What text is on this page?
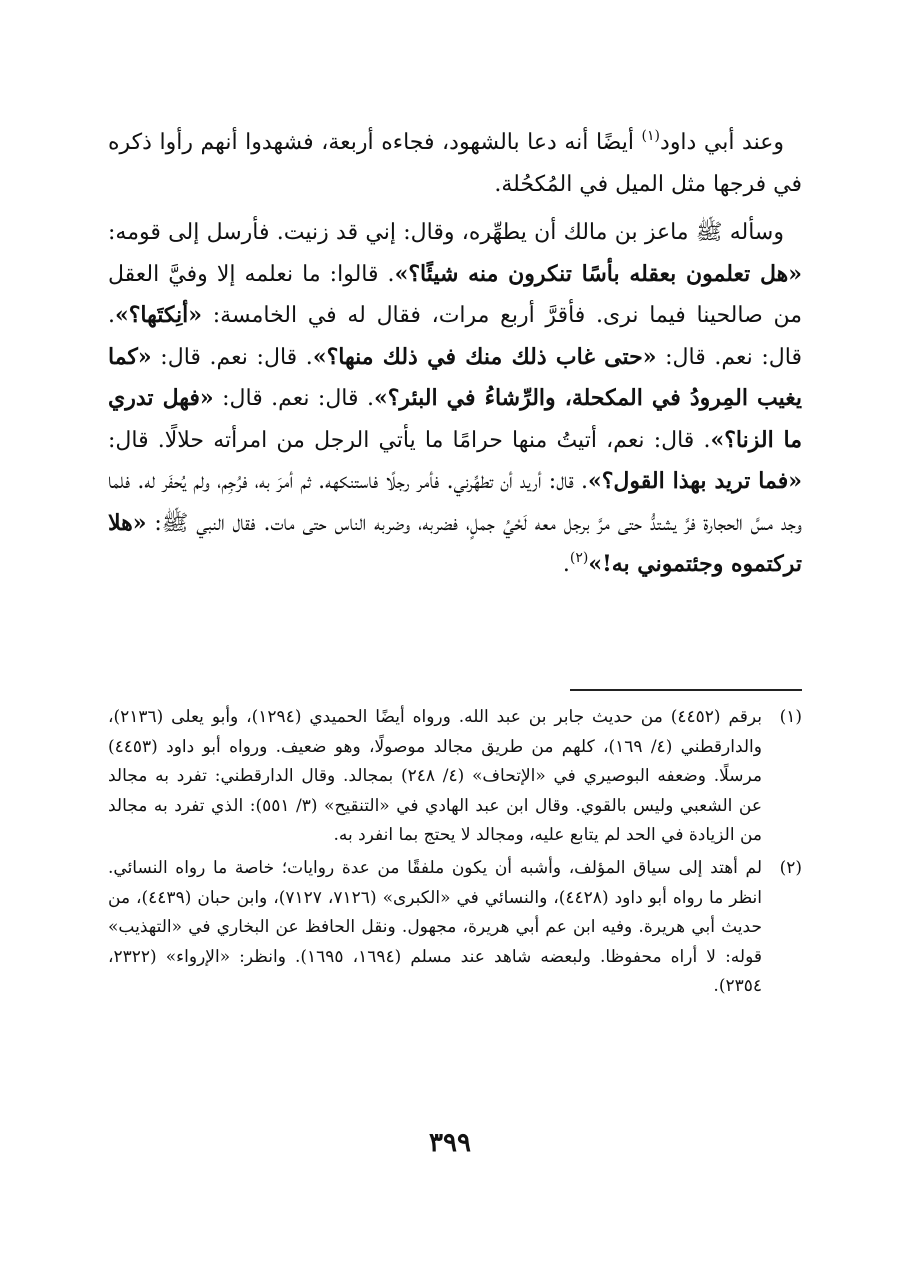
وعند أبي داود$^{(١)}$ أيضًا أنه دعا بالشهود، فجاءه أربعة، فشهدوا أنهم رأوا ذكره في فرجها مثل الميل في المُكحُلة.

وسأله ﷺ ماعز بن مالك أن يطهِّره، وقال: إني قد زنيت. فأرسل إلى قومه: «هل تعلمون بعقله بأسًا تنكرون منه شيئًا؟». قالوا: ما نعلمه إلا وفيَّ العقل من صالحينا فيما نرى. فأقرَّ أربع مرات، فقال له في الخامسة: «أنِكتَها؟». قال: نعم. قال: «حتى غاب ذلك منك في ذلك منها؟». قال: نعم. قال: «كما يغيب المِرودُ في المكحلة، والرِّشاءُ في البئر؟». قال: نعم. قال: «فهل تدري ما الزنا؟». قال: نعم، أتيتُ منها حرامًا ما يأتي الرجل من امرأته حلالًا. قال: «فما تريد بهذا القول؟». قال: أريد أن تطهِّرني. فأمر رجلًا فاستنكهه. ثم أمرَ به، فرُجِم، ولم يُحفَر له. فلما وجد مسَّ الحجارة فرَّ يشتدُّ حتى مرَّ برجل معه لَحْيُ جملٍ، فضربه، وضربه الناس حتى مات. فقال النبي ﷺ: «هلا تركتموه وجئتموني به!»$^{(٢)}$.

(١)
برقم (٤٤٥٢) من حديث جابر بن عبد الله. ورواه أيضًا الحميدي (١٢٩٤)، وأبو يعلى (٢١٣٦)، والدارقطني (٤/ ١٦٩)، كلهم من طريق مجالد موصولًا، وهو ضعيف. ورواه أبو داود (٤٤٥٣) مرسلًا. وضعفه البوصيري في «الإتحاف» (٤/ ٢٤٨) بمجالد. وقال الدارقطني: تفرد به مجالد عن الشعبي وليس بالقوي. وقال ابن عبد الهادي في «التنقيح» (٣/ ٥٥١): الذي تفرد به مجالد من الزيادة في الحد لم يتابع عليه، ومجالد لا يحتج بما انفرد به.
(٢)
لم أهتد إلى سياق المؤلف، وأشبه أن يكون ملفقًا من عدة روايات؛ خاصة ما رواه النسائي. انظر ما رواه أبو داود (٤٤٢٨)، والنسائي في «الكبرى» (٧١٢٦، ٧١٢٧)، وابن حبان (٤٤٣٩)، من حديث أبي هريرة. وفيه ابن عم أبي هريرة، مجهول. ونقل الحافظ عن البخاري في «التهذيب» قوله: لا أراه محفوظا. ولبعضه شاهد عند مسلم (١٦٩٤، ١٦٩٥). وانظر: «الإرواء» (٢٣٢٢، ٢٣٥٤).
٣٩٩
